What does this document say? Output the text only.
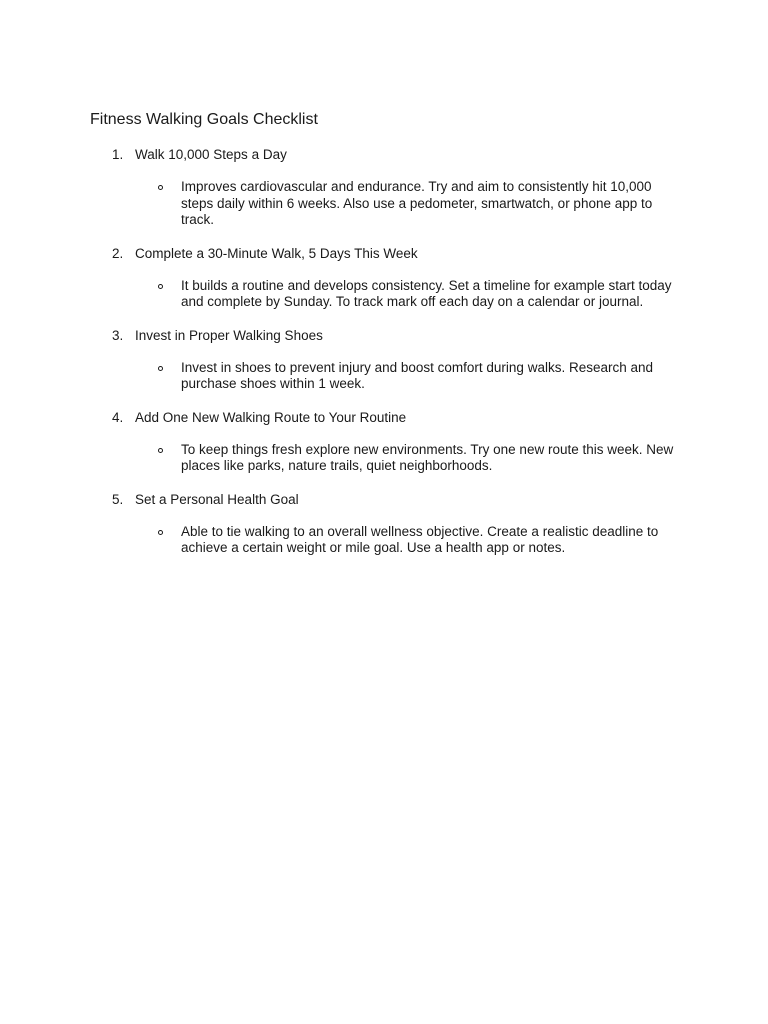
Fitness Walking Goals Checklist
1. Walk 10,000 Steps a Day
Improves cardiovascular and endurance. Try and aim to consistently hit 10,000 steps daily within 6 weeks. Also use a pedometer, smartwatch, or phone app to track.
2. Complete a 30-Minute Walk, 5 Days This Week
It builds a routine and develops consistency. Set a timeline for example start today and complete by Sunday. To track mark off each day on a calendar or journal.
3. Invest in Proper Walking Shoes
Invest in shoes to prevent injury and boost comfort during walks. Research and purchase shoes within 1 week.
4. Add One New Walking Route to Your Routine
To keep things fresh explore new environments. Try one new route this week. New places like parks, nature trails, quiet neighborhoods.
5. Set a Personal Health Goal
Able to tie walking to an overall wellness objective. Create a realistic deadline to achieve a certain weight or mile goal. Use a health app or notes.
